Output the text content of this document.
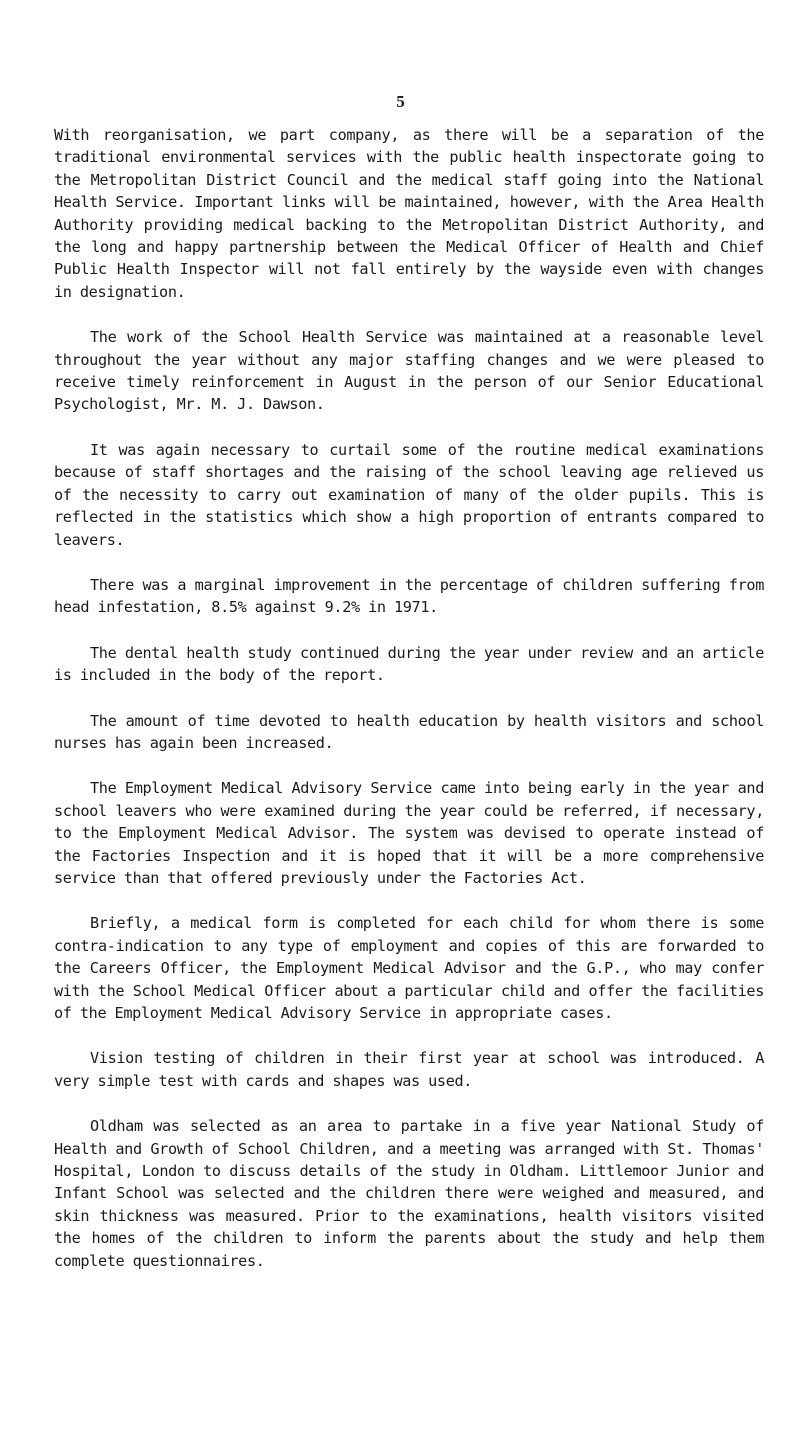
5

With reorganisation, we part company, as there will be a separation of the traditional environmental services with the public health inspectorate going to the Metropolitan District Council and the medical staff going into the National Health Service. Important links will be maintained, however, with the Area Health Authority providing medical backing to the Metropolitan District Authority, and the long and happy partnership between the Medical Officer of Health and Chief Public Health Inspector will not fall entirely by the wayside even with changes in designation.

The work of the School Health Service was maintained at a reasonable level throughout the year without any major staffing changes and we were pleased to receive timely reinforcement in August in the person of our Senior Educational Psychologist, Mr. M. J. Dawson.

It was again necessary to curtail some of the routine medical examinations because of staff shortages and the raising of the school leaving age relieved us of the necessity to carry out examination of many of the older pupils. This is reflected in the statistics which show a high proportion of entrants compared to leavers.

There was a marginal improvement in the percentage of children suffering from head infestation, 8.5% against 9.2% in 1971.

The dental health study continued during the year under review and an article is included in the body of the report.

The amount of time devoted to health education by health visitors and school nurses has again been increased.

The Employment Medical Advisory Service came into being early in the year and school leavers who were examined during the year could be referred, if necessary, to the Employment Medical Advisor. The system was devised to operate instead of the Factories Inspection and it is hoped that it will be a more comprehensive service than that offered previously under the Factories Act.

Briefly, a medical form is completed for each child for whom there is some contra-indication to any type of employment and copies of this are forwarded to the Careers Officer, the Employment Medical Advisor and the G.P., who may confer with the School Medical Officer about a particular child and offer the facilities of the Employment Medical Advisory Service in appropriate cases.

Vision testing of children in their first year at school was introduced. A very simple test with cards and shapes was used.

Oldham was selected as an area to partake in a five year National Study of Health and Growth of School Children, and a meeting was arranged with St. Thomas' Hospital, London to discuss details of the study in Oldham. Littlemoor Junior and Infant School was selected and the children there were weighed and measured, and skin thickness was measured. Prior to the examinations, health visitors visited the homes of the children to inform the parents about the study and help them complete questionnaires.
